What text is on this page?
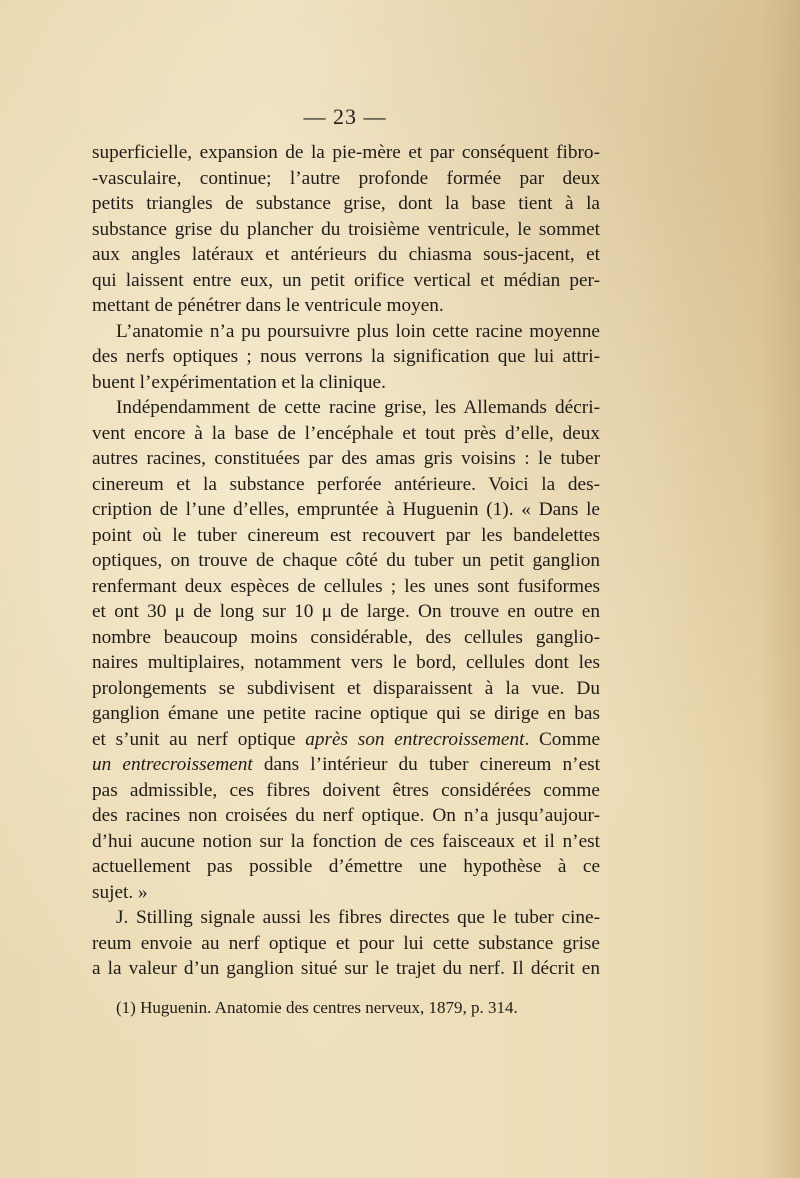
— 23 —
superficielle, expansion de la pie-mère et par conséquent fibro-
-vasculaire, continue; l’autre profonde formée par deux
petits triangles de substance grise, dont la base tient à la
substance grise du plancher du troisième ventricule, le sommet
aux angles latéraux et antérieurs du chiasma sous-jacent, et
qui laissent entre eux, un petit orifice vertical et médian per-
mettant de pénétrer dans le ventricule moyen.
L’anatomie n’a pu poursuivre plus loin cette racine moyenne
des nerfs optiques ; nous verrons la signification que lui attri-
buent l’expérimentation et la clinique.
Indépendamment de cette racine grise, les Allemands décri-
vent encore à la base de l’encéphale et tout près d’elle, deux
autres racines, constituées par des amas gris voisins : le tuber
cinereum et la substance perforée antérieure. Voici la des-
cription de l’une d’elles, empruntée à Huguenin (1). « Dans le
point où le tuber cinereum est recouvert par les bandelettes
optiques, on trouve de chaque côté du tuber un petit ganglion
renfermant deux espèces de cellules ; les unes sont fusiformes
et ont 30 μ de long sur 10 μ de large. On trouve en outre en
nombre beaucoup moins considérable, des cellules ganglio-
naires multiplaires, notamment vers le bord, cellules dont les
prolongements se subdivisent et disparaissent à la vue. Du
ganglion émane une petite racine optique qui se dirige en bas
et s’unit au nerf optique après son entrecroissement. Comme
un entrecroissement dans l’intérieur du tuber cinereum n’est
pas admissible, ces fibres doivent êtres considérées comme
des racines non croisées du nerf optique. On n’a jusqu’aujour-
d’hui aucune notion sur la fonction de ces faisceaux et il n’est
actuellement pas possible d’émettre une hypothèse à ce
sujet. »
J. Stilling signale aussi les fibres directes que le tuber cine-
reum envoie au nerf optique et pour lui cette substance grise
a la valeur d’un ganglion situé sur le trajet du nerf. Il décrit en
(1) Huguenin. Anatomie des centres nerveux, 1879, p. 314.
